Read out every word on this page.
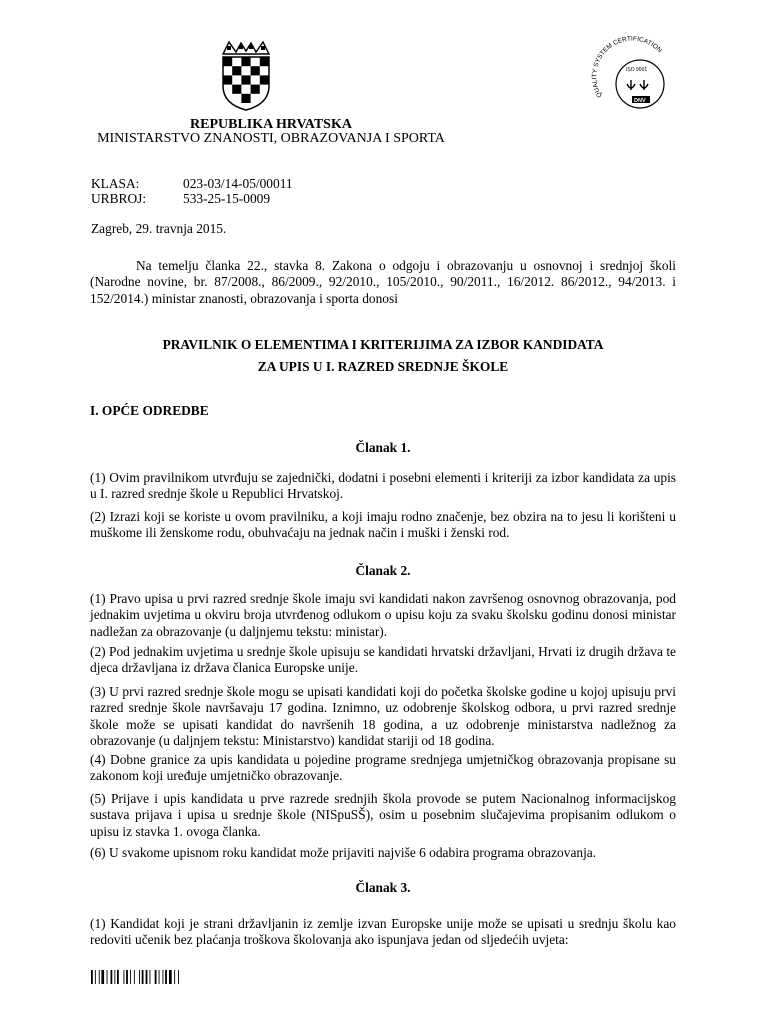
QUALITY SYSTEM CERTIFICATION
ISO 9001
DNV
REPUBLIKA HRVATSKA
MINISTARSTVO ZNANOSTI, OBRAZOVANJA I SPORTA
KLASA:	023-03/14-05/00011
URBROJ:	533-25-15-0009
Zagreb, 29. travnja 2015.

Na temelju članka 22., stavka 8. Zakona o odgoju i obrazovanju u osnovnoj i srednjoj školi (Narodne novine, br. 87/2008., 86/2009., 92/2010., 105/2010., 90/2011., 16/2012. 86/2012., 94/2013. i 152/2014.) ministar znanosti, obrazovanja i sporta donosi

PRAVILNIK O ELEMENTIMA I KRITERIJIMA ZA IZBOR KANDIDATA
ZA UPIS U I. RAZRED SREDNJE ŠKOLE
I. OPĆE ODREDBE
Članak 1.

(1) Ovim pravilnikom utvrđuju se zajednički, dodatni i posebni elementi i kriteriji za izbor kandidata za upis u I. razred srednje škole u Republici Hrvatskoj.

(2) Izrazi koji se koriste u ovom pravilniku, a koji imaju rodno značenje, bez obzira na to jesu li korišteni u muškome ili ženskome rodu, obuhvaćaju na jednak način i muški i ženski rod.

Članak 2.

(1) Pravo upisa u prvi razred srednje škole imaju svi kandidati nakon završenog osnovnog obrazovanja, pod jednakim uvjetima u okviru broja utvrđenog odlukom o upisu koju za svaku školsku godinu donosi ministar nadležan za obrazovanje (u daljnjemu tekstu: ministar).

(2) Pod jednakim uvjetima u srednje škole upisuju se kandidati hrvatski državljani, Hrvati iz drugih država te djeca državljana iz država članica Europske unije.

(3) U prvi razred srednje škole mogu se upisati kandidati koji do početka školske godine u kojoj upisuju prvi razred srednje škole navršavaju 17 godina. Iznimno, uz odobrenje školskog odbora, u prvi razred srednje škole može se upisati kandidat do navršenih 18 godina, a uz odobrenje ministarstva nadležnog za obrazovanje (u daljnjem tekstu: Ministarstvo) kandidat stariji od 18 godina.

(4) Dobne granice za upis kandidata u pojedine programe srednjega umjetničkog obrazovanja propisane su zakonom koji uređuje umjetničko obrazovanje.

(5) Prijave i upis kandidata u prve razrede srednjih škola provode se putem Nacionalnog informacijskog sustava prijava i upisa u srednje škole (NISpuSŠ), osim u posebnim slučajevima propisanim odlukom o upisu iz stavka 1. ovoga članka.

(6) U svakome upisnom roku kandidat može prijaviti najviše 6 odabira programa obrazovanja.

Članak 3.

(1) Kandidat koji je strani državljanin iz zemlje izvan Europske unije može se upisati u srednju školu kao redoviti učenik bez plaćanja troškova školovanja ako ispunjava jedan od sljedećih uvjeta:
